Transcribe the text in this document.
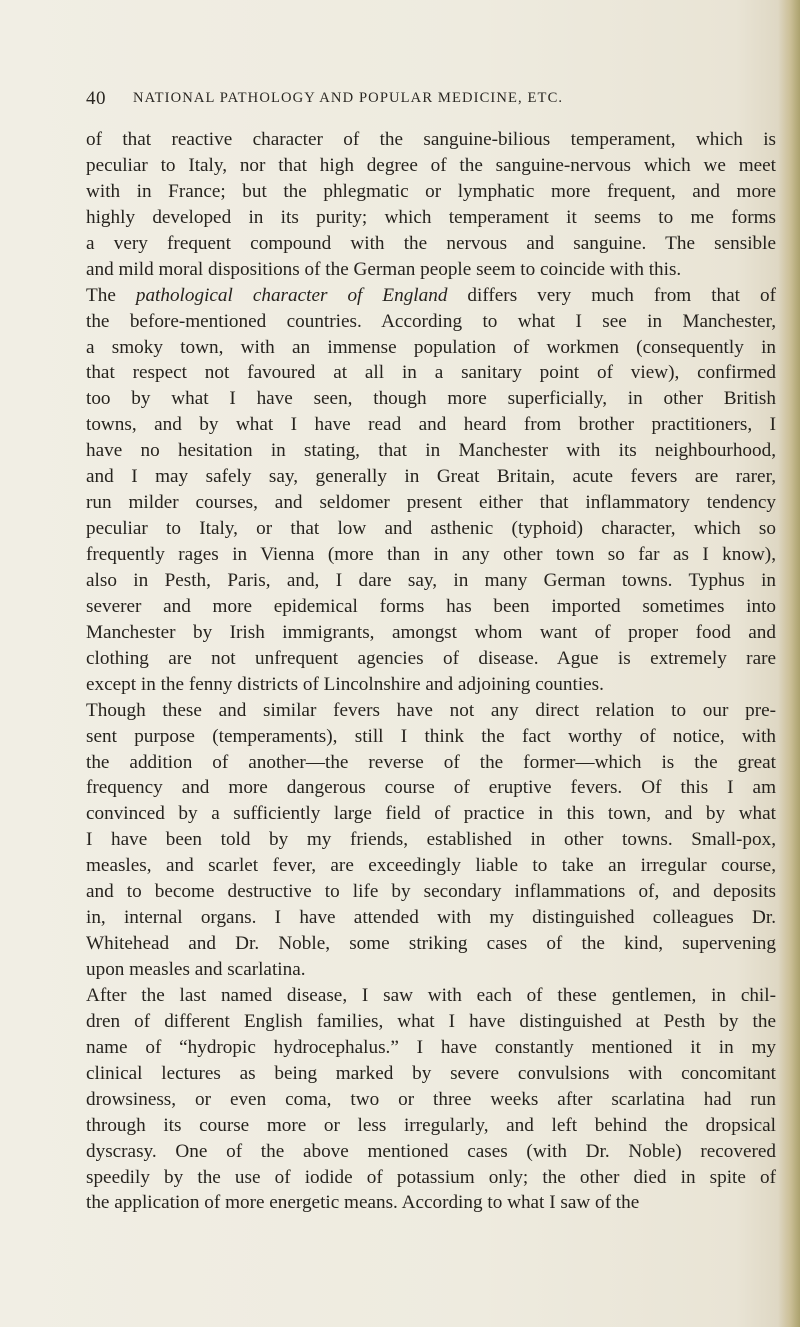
40 NATIONAL PATHOLOGY AND POPULAR MEDICINE, ETC.
of that reactive character of the sanguine-bilious temperament, which is
peculiar to Italy, nor that high degree of the sanguine-nervous which we meet
with in France; but the phlegmatic or lymphatic more frequent, and more
highly developed in its purity; which temperament it seems to me forms
a very frequent compound with the nervous and sanguine. The sensible
and mild moral dispositions of the German people seem to coincide with this.
The pathological character of England differs very much from that of
the before-mentioned countries. According to what I see in Manchester,
a smoky town, with an immense population of workmen (consequently in
that respect not favoured at all in a sanitary point of view), confirmed
too by what I have seen, though more superficially, in other British
towns, and by what I have read and heard from brother practitioners, I
have no hesitation in stating, that in Manchester with its neighbourhood,
and I may safely say, generally in Great Britain, acute fevers are rarer,
run milder courses, and seldomer present either that inflammatory tendency
peculiar to Italy, or that low and asthenic (typhoid) character, which so
frequently rages in Vienna (more than in any other town so far as I know),
also in Pesth, Paris, and, I dare say, in many German towns. Typhus in
severer and more epidemical forms has been imported sometimes into
Manchester by Irish immigrants, amongst whom want of proper food and
clothing are not unfrequent agencies of disease. Ague is extremely rare
except in the fenny districts of Lincolnshire and adjoining counties.
Though these and similar fevers have not any direct relation to our pre-
sent purpose (temperaments), still I think the fact worthy of notice, with
the addition of another—the reverse of the former—which is the great
frequency and more dangerous course of eruptive fevers. Of this I am
convinced by a sufficiently large field of practice in this town, and by what
I have been told by my friends, established in other towns. Small-pox,
measles, and scarlet fever, are exceedingly liable to take an irregular course,
and to become destructive to life by secondary inflammations of, and deposits
in, internal organs. I have attended with my distinguished colleagues Dr.
Whitehead and Dr. Noble, some striking cases of the kind, supervening
upon measles and scarlatina.
After the last named disease, I saw with each of these gentlemen, in chil-
dren of different English families, what I have distinguished at Pesth by the
name of “hydropic hydrocephalus.” I have constantly mentioned it in my
clinical lectures as being marked by severe convulsions with concomitant
drowsiness, or even coma, two or three weeks after scarlatina had run
through its course more or less irregularly, and left behind the dropsical
dyscrasy. One of the above mentioned cases (with Dr. Noble) recovered
speedily by the use of iodide of potassium only; the other died in spite of
the application of more energetic means. According to what I saw of the
